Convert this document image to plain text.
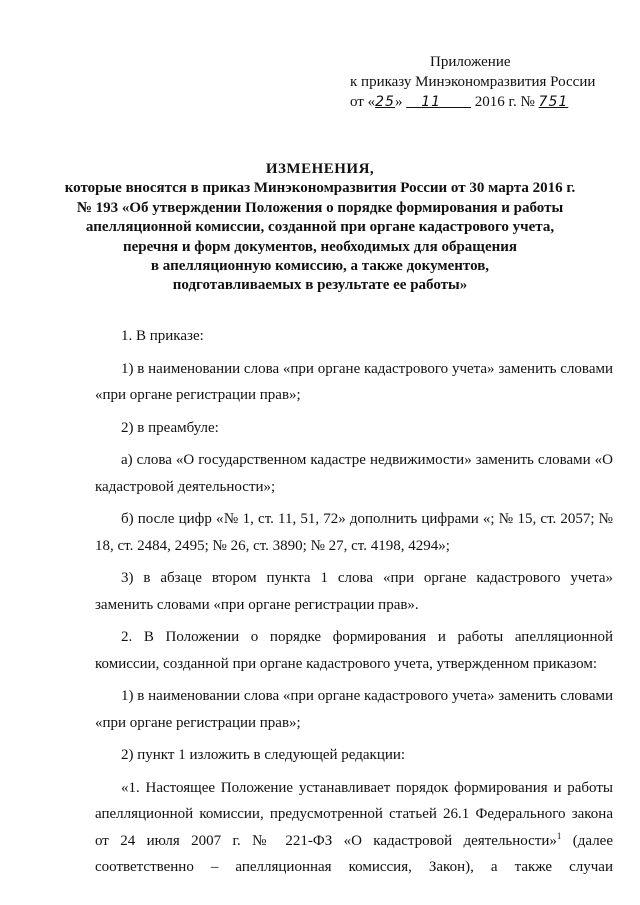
Приложение
к приказу Минэкономразвития России
от «25» 11 2016 г. № 751
ИЗМЕНЕНИЯ,
которые вносятся в приказ Минэкономразвития России от 30 марта 2016 г.
№ 193 «Об утверждении Положения о порядке формирования и работы
апелляционной комиссии, созданной при органе кадастрового учета,
перечня и форм документов, необходимых для обращения
в апелляционную комиссию, а также документов,
подготавливаемых в результате ее работы»

1. В приказе:

1) в наименовании слова «при органе кадастрового учета» заменить словами «при органе регистрации прав»;

2) в преамбуле:

а) слова «О государственном кадастре недвижимости» заменить словами «О кадастровой деятельности»;

б) после цифр «№ 1, ст. 11, 51, 72» дополнить цифрами «; № 15, ст. 2057; № 18, ст. 2484, 2495; № 26, ст. 3890; № 27, ст. 4198, 4294»;

3) в абзаце втором пункта 1 слова «при органе кадастрового учета» заменить словами «при органе регистрации прав».

2. В Положении о порядке формирования и работы апелляционной комиссии, созданной при органе кадастрового учета, утвержденном приказом:

1) в наименовании слова «при органе кадастрового учета» заменить словами «при органе регистрации прав»;

2) пункт 1 изложить в следующей редакции:

«1. Настоящее Положение устанавливает порядок формирования и работы апелляционной комиссии, предусмотренной статьей 26.1 Федерального закона от 24 июля 2007 г. № 221-ФЗ «О кадастровой деятельности»$^1$ (далее соответственно – апелляционная комиссия, Закон), а также случаи
